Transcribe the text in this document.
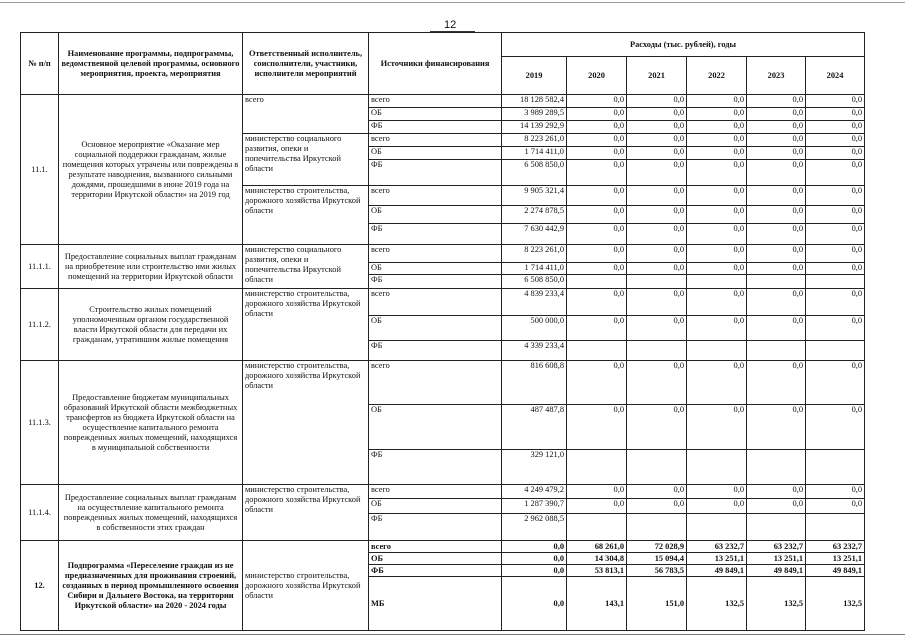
12
№ п/п	Наименование программы, подпрограммы, ведомственной целевой программы, основного мероприятия, проекта, мероприятия	Ответственный исполнитель, соисполнители, участники, исполнители мероприятий	Источники финансирования	Расходы (тыс. рублей), годы					
				2019	2020	2021	2022	2023	2024
11.1.	Основное мероприятие «Оказание мер социальной поддержки гражданам, жилые помещения которых утрачены или повреждены в результате наводнения, вызванного сильными дождями, прошедшими в июне 2019 года на территории Иркутской области» на 2019 год	всего	всего	18 128 582,4	0,0	0,0	0,0	0,0	0,0
			ОБ	3 989 289,5	0,0	0,0	0,0	0,0	0,0
			ФБ	14 139 292,9	0,0	0,0	0,0	0,0	0,0
		министерство социального развития, опеки и попечительства Иркутской области	всего	8 223 261,0	0,0	0,0	0,0	0,0	0,0
			ОБ	1 714 411,0	0,0	0,0	0,0	0,0	0,0
			ФБ	6 508 850,0	0,0	0,0	0,0	0,0	0,0
		министерство строительства, дорожного хозяйства Иркутской области	всего	9 905 321,4	0,0	0,0	0,0	0,0	0,0
			ОБ	2 274 878,5	0,0	0,0	0,0	0,0	0,0
			ФБ	7 630 442,9	0,0	0,0	0,0	0,0	0,0
11.1.1.	Предоставление социальных выплат гражданам на приобретение или строительство ими жилых помещений на территории Иркутской области	министерство социального развития, опеки и попечительства Иркутской области	всего	8 223 261,0	0,0	0,0	0,0	0,0	0,0
			ОБ	1 714 411,0	0,0	0,0	0,0	0,0	0,0
			ФБ	6 508 850,0					
11.1.2.	Строительство жилых помещений уполномоченным органом государственной власти Иркутской области для передачи их гражданам, утратившим жилые помещения	министерство строительства, дорожного хозяйства Иркутской области	всего	4 839 233,4	0,0	0,0	0,0	0,0	0,0
			ОБ	500 000,0	0,0	0,0	0,0	0,0	0,0
			ФБ	4 339 233,4					
11.1.3.	Предоставление бюджетам муниципальных образований Иркутской области межбюджетных трансфертов из бюджета Иркутской области на осуществление капитального ремонта поврежденных жилых помещений, находящихся в муниципальной собственности	министерство строительства, дорожного хозяйства Иркутской области	всего	816 608,8	0,0	0,0	0,0	0,0	0,0
			ОБ	487 487,8	0,0	0,0	0,0	0,0	0,0
			ФБ	329 121,0					
11.1.4.	Предоставление социальных выплат гражданам на осуществление капитального ремонта поврежденных жилых помещений, находящихся в собственности этих граждан	министерство строительства, дорожного хозяйства Иркутской области	всего	4 249 479,2	0,0	0,0	0,0	0,0	0,0
			ОБ	1 287 390,7	0,0	0,0	0,0	0,0	0,0
			ФБ	2 962 088,5					
12.	Подпрограмма «Переселение граждан из не предназначенных для проживания строений, созданных в период промышленного освоения Сибири и Дальнего Востока, на территории Иркутской области» на 2020 - 2024 годы	министерство строительства, дорожного хозяйства Иркутской области	всего	0,0	68 261,0	72 028,9	63 232,7	63 232,7	63 232,7
			ОБ	0,0	14 304,8	15 094,4	13 251,1	13 251,1	13 251,1
			ФБ	0,0	53 813,1	56 783,5	49 849,1	49 849,1	49 849,1
			МБ	0,0	143,1	151,0	132,5	132,5	132,5
